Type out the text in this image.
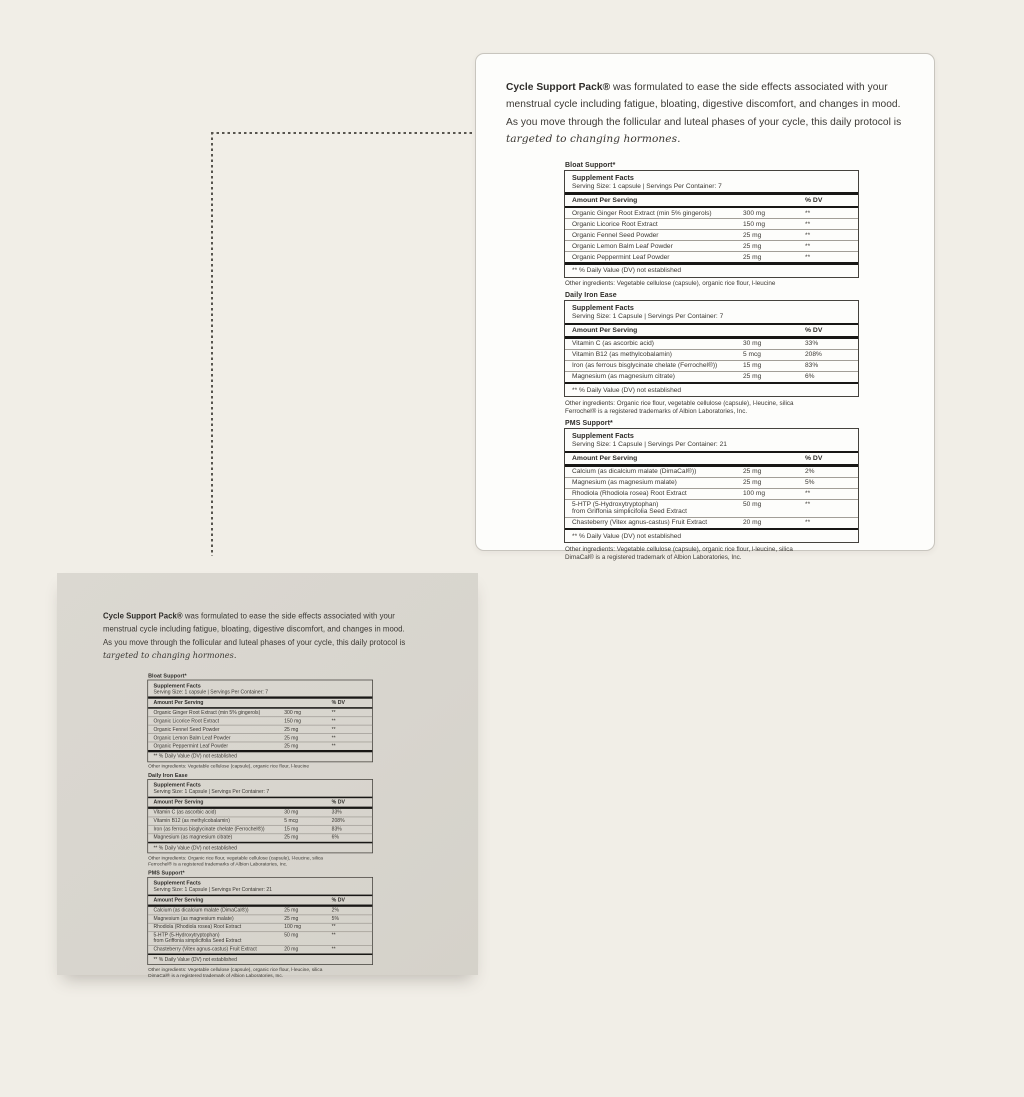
Cycle Support Pack® was formulated to ease the side effects associated with your menstrual cycle including fatigue, bloating, digestive discomfort, and changes in mood. As you move through the follicular and luteal phases of your cycle, this daily protocol is targeted to changing hormones.

Bloat Support*
Supplement Facts
Serving Size: 1 capsule | Servings Per Container: 7
Amount Per Serving	% DV
Organic Ginger Root Extract (min 5% gingerols)	300 mg	**
Organic Licorice Root Extract	150 mg	**
Organic Fennel Seed Powder	25 mg	**
Organic Lemon Balm Leaf Powder	25 mg	**
Organic Peppermint Leaf Powder	25 mg	**
** % Daily Value (DV) not established
Other ingredients: Vegetable cellulose (capsule), organic rice flour, l-leucine
Daily Iron Ease
Supplement Facts
Serving Size: 1 Capsule | Servings Per Container: 7
Amount Per Serving	% DV
Vitamin C (as ascorbic acid)	30 mg	33%
Vitamin B12 (as methylcobalamin)	5 mcg	208%
Iron (as ferrous bisglycinate chelate (Ferrochel®))	15 mg	83%
Magnesium (as magnesium citrate)	25 mg	6%
** % Daily Value (DV) not established
Other ingredients: Organic rice flour, vegetable cellulose (capsule), l-leucine, silica
Ferrochel® is a registered trademarks of Albion Laboratories, Inc.
PMS Support*
Supplement Facts
Serving Size: 1 Capsule | Servings Per Container: 21
Amount Per Serving	% DV
Calcium (as dicalcium malate (DimaCal®))	25 mg	2%
Magnesium (as magnesium malate)	25 mg	5%
Rhodiola (Rhodiola rosea) Root Extract	100 mg	**
5-HTP (5-Hydroxytryptophan)
from Griffonia simplicifolia Seed Extract
50 mg	**
Chasteberry (Vitex agnus-castus) Fruit Extract	20 mg	**
** % Daily Value (DV) not established
Other ingredients: Vegetable cellulose (capsule), organic rice flour, l-leucine, silica
DimaCal® is a registered trademark of Albion Laboratories, Inc.

Cycle Support Pack® was formulated to ease the side effects associated with your menstrual cycle including fatigue, bloating, digestive discomfort, and changes in mood. As you move through the follicular and luteal phases of your cycle, this daily protocol is targeted to changing hormones.

Bloat Support*
Supplement Facts
Serving Size: 1 capsule | Servings Per Container: 7
Amount Per Serving	% DV
Organic Ginger Root Extract (min 5% gingerols)	300 mg	**
Organic Licorice Root Extract	150 mg	**
Organic Fennel Seed Powder	25 mg	**
Organic Lemon Balm Leaf Powder	25 mg	**
Organic Peppermint Leaf Powder	25 mg	**
** % Daily Value (DV) not established
Other ingredients: Vegetable cellulose (capsule), organic rice flour, l-leucine
Daily Iron Ease
Supplement Facts
Serving Size: 1 Capsule | Servings Per Container: 7
Amount Per Serving	% DV
Vitamin C (as ascorbic acid)	30 mg	33%
Vitamin B12 (as methylcobalamin)	5 mcg	208%
Iron (as ferrous bisglycinate chelate (Ferrochel®))	15 mg	83%
Magnesium (as magnesium citrate)	25 mg	6%
** % Daily Value (DV) not established
Other ingredients: Organic rice flour, vegetable cellulose (capsule), l-leucine, silica
Ferrochel® is a registered trademarks of Albion Laboratories, Inc.
PMS Support*
Supplement Facts
Serving Size: 1 Capsule | Servings Per Container: 21
Amount Per Serving	% DV
Calcium (as dicalcium malate (DimaCal®))	25 mg	2%
Magnesium (as magnesium malate)	25 mg	5%
Rhodiola (Rhodiola rosea) Root Extract	100 mg	**
5-HTP (5-Hydroxytryptophan)
from Griffonia simplicifolia Seed Extract
50 mg	**
Chasteberry (Vitex agnus-castus) Fruit Extract	20 mg	**
** % Daily Value (DV) not established
Other ingredients: Vegetable cellulose (capsule), organic rice flour, l-leucine, silica
DimaCal® is a registered trademark of Albion Laboratories, Inc.
